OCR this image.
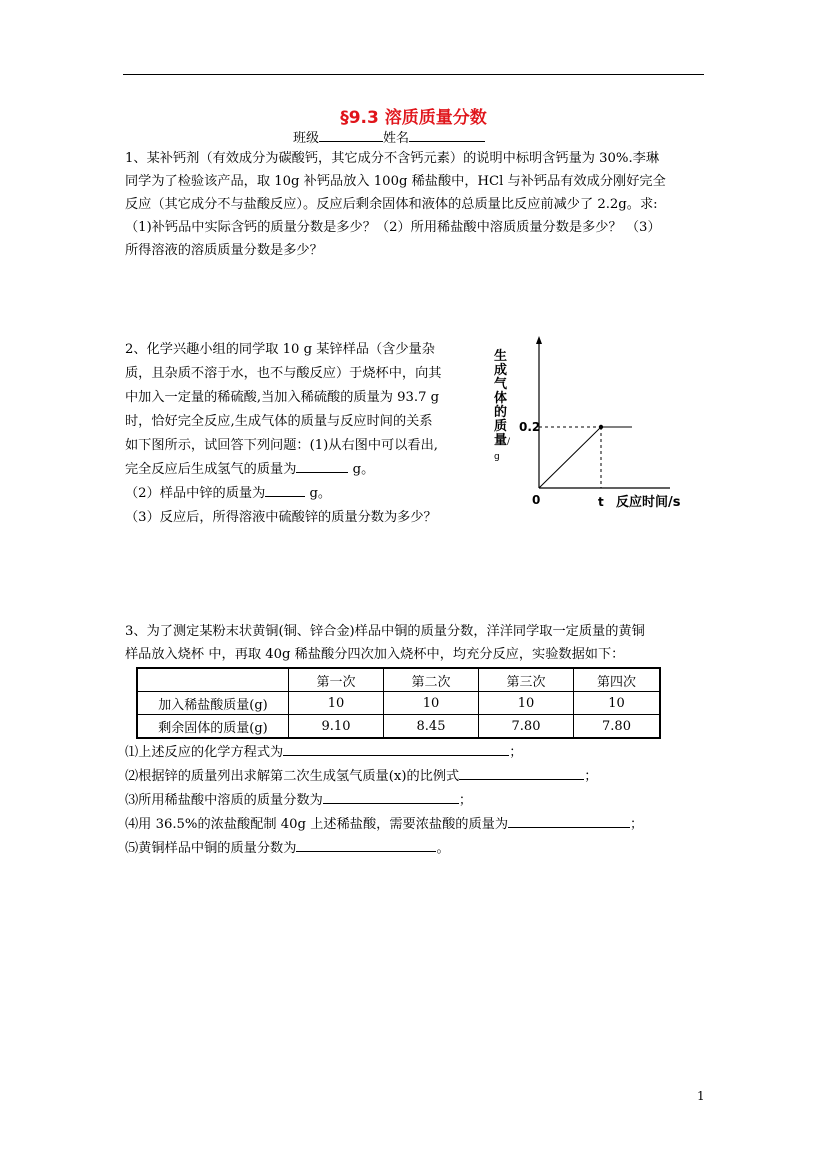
§9.3 溶质质量分数
班级	姓名
1、某补钙剂（有效成分为碳酸钙，其它成分不含钙元素）的说明中标明含钙量为 30%.李琳
同学为了检验该产品，取 10g 补钙品放入 100g 稀盐酸中，HCl 与补钙品有效成分刚好完全
反应（其它成分不与盐酸反应）。反应后剩余固体和液体的总质量比反应前减少了 2.2g。求:
（1)补钙品中实际含钙的质量分数是多少？（2）所用稀盐酸中溶质质量分数是多少？ （3）
所得溶液的溶质质量分数是多少？
2、化学兴趣小组的同学取 10 g 某锌样品（含少量杂
质，且杂质不溶于水，也不与酸反应）于烧杯中，向其
中加入一定量的稀硫酸,当加入稀硫酸的质量为 93.7 g
时，恰好完全反应,生成气体的质量与反应时间的关系
如下图所示，试回答下列问题：(1)从右图中可以看出,
完全反应后生成氢气的质量为	g。
（2）样品中锌的质量为	g。
（3）反应后，所得溶液中硫酸锌的质量分数为多少？
生成气体的质量/g
0.2
0	t 反应时间/s
3、为了测定某粉末状黄铜(铜、锌合金)样品中铜的质量分数，洋洋同学取一定质量的黄铜
样品放入烧杯 中，再取 40g 稀盐酸分四次加入烧杯中，均充分反应，实验数据如下：
	第一次	第二次	第三次	第四次
加入稀盐酸质量(g)	10	10	10	10
剩余固体的质量(g)	9.10	8.45	7.80	7.80
⑴上述反应的化学方程式为	；
⑵根据锌的质量列出求解第二次生成氢气质量(x)的比例式	；
⑶所用稀盐酸中溶质的质量分数为	；
⑷用 36.5%的浓盐酸配制 40g 上述稀盐酸，需要浓盐酸的质量为	；
⑸黄铜样品中铜的质量分数为	。
1
